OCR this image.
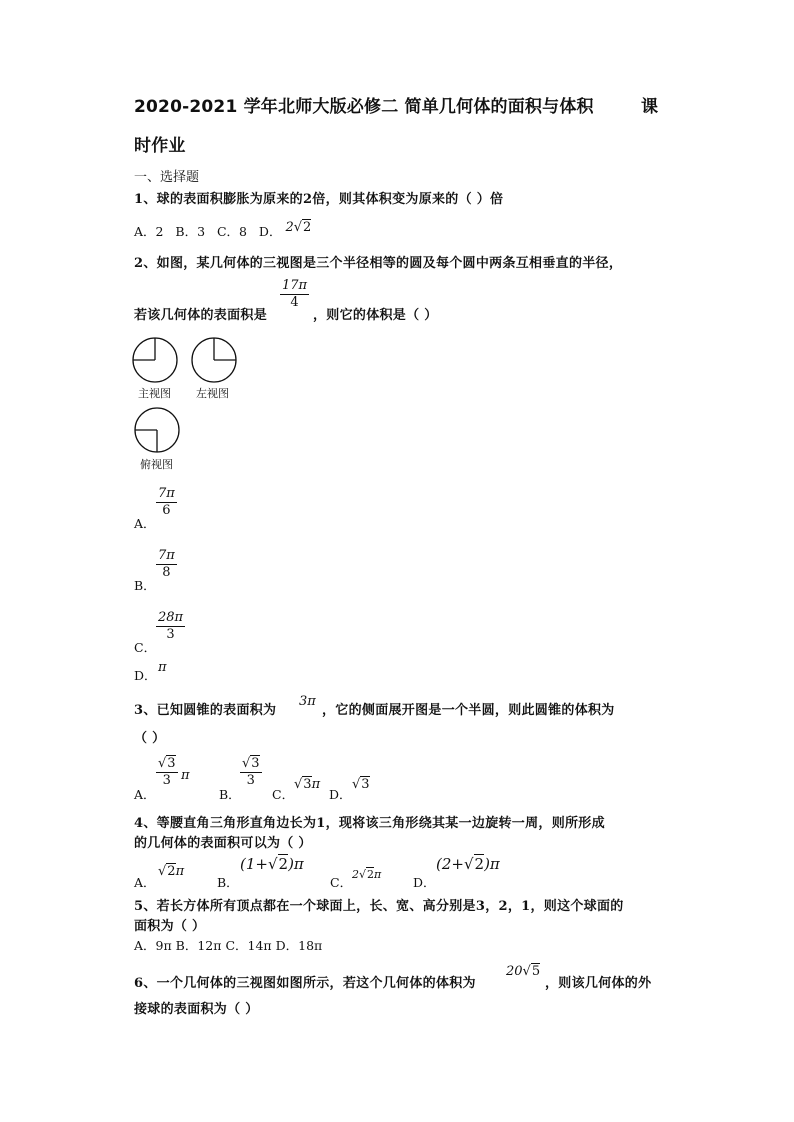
2020-2021 学年北师大版必修二 简单几何体的面积与体积	课
时作业
一、选择题
1、球的表面积膨胀为原来的2倍，则其体积变为原来的（ ）倍
A．2 B．3 C．8 D． 2√2
2、如图，某几何体的三视图是三个半径相等的圆及每个圆中两条互相垂直的半径，
$\frac{17\pi}{4}$
若该几何体的表面积是	，则它的体积是（ ）
主视图 左视图
俯视图
A．
$\frac{7\pi}{6}$
B．
$\frac{7\pi}{8}$
C．
$\frac{28\pi}{3}$
D．
π
3、已知圆锥的表面积为
3π
，它的侧面展开图是一个半圆，则此圆锥的体积为
（ ）
A．
$\frac{√3}{3}$ π
B．
$\frac{√3}{3}$
C．
√3π
D．
√3
4、等腰直角三角形直角边长为1，现将该三角形绕其某一边旋转一周，则所形成
的几何体的表面积可以为（ ）
A．
√2π
B．
(1+√2)π
C．
2√2π
D．
(2+√2)π
5、若长方体所有顶点都在一个球面上，长、宽、高分别是3，2，1，则这个球面的
面积为（ ）
A．9π B．12π C．14π D．18π
6、一个几何体的三视图如图所示，若这个几何体的体积为
20√5
，则该几何体的外
接球的表面积为（ ）
